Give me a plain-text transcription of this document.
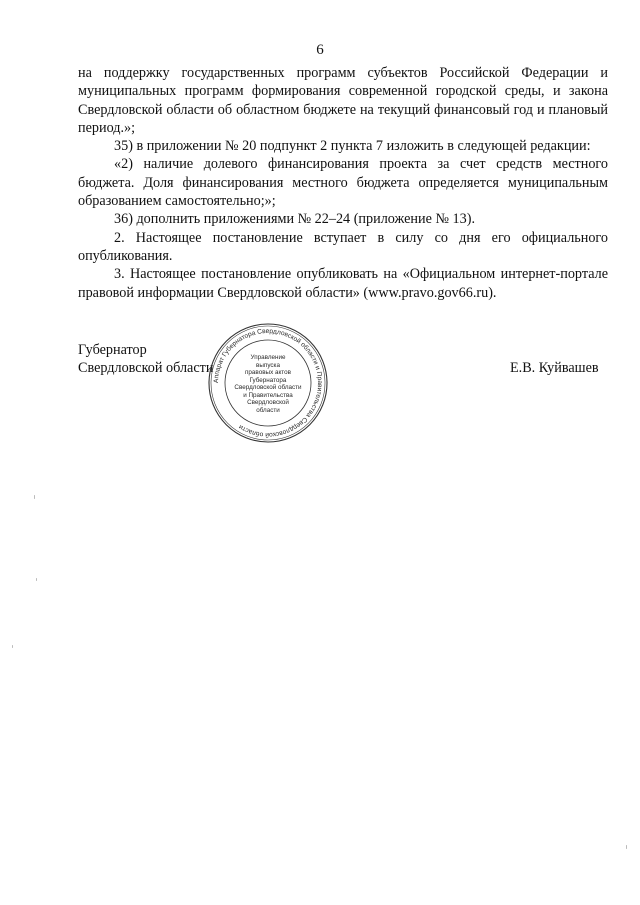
6

на поддержку государственных программ субъектов Российской Федерации и муниципальных программ формирования современной городской среды, и закона Свердловской области об областном бюджете на текущий финансовый год и плановый период.»;

35) в приложении № 20 подпункт 2 пункта 7 изложить в следующей редакции:

«2) наличие долевого финансирования проекта за счет средств местного бюджета. Доля финансирования местного бюджета определяется муниципальным образованием самостоятельно;»;

36) дополнить приложениями № 22–24 (приложение № 13).

2. Настоящее постановление вступает в силу со дня его официального опубликования.

3. Настоящее постановление опубликовать на «Официальном интернет-портале правовой информации Свердловской области» (www.pravo.gov66.ru).

Губернатор
Свердловской области
Аппарат Губернатора Свердловской области и Правительства Свердловской области
Управление
выпуска
правовых актов
Губернатора
Свердловской области
и Правительства
Свердловской
области
Е.В. Куйвашев
